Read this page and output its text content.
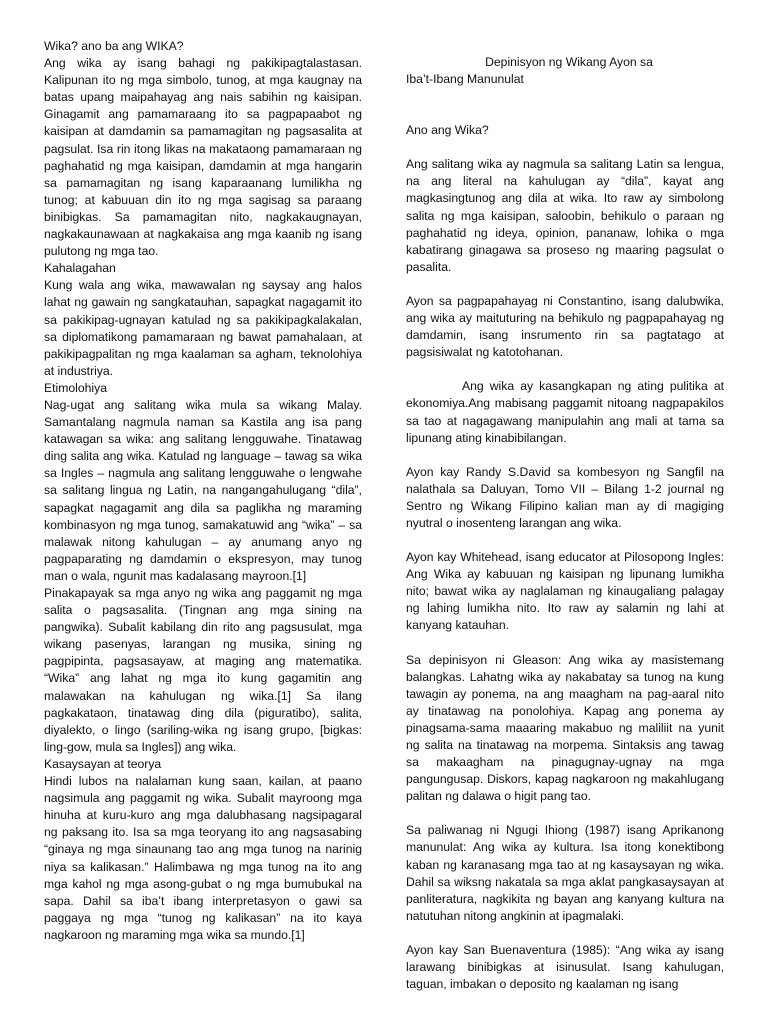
Wika? ano ba ang WIKA?

Ang wika ay isang bahagi ng pakikipagtalastasan. Kalipunan ito ng mga simbolo, tunog, at mga kaugnay na batas upang maipahayag ang nais sabihin ng kaisipan. Ginagamit ang pamamaraang ito sa pagpapaabot ng kaisipan at damdamin sa pamamagitan ng pagsasalita at pagsulat. Isa rin itong likas na makataong pamamaraan ng paghahatid ng mga kaisipan, damdamin at mga hangarin sa pamamagitan ng isang kaparaanang lumilikha ng tunog; at kabuuan din ito ng mga sagisag sa paraang binibigkas. Sa pamamagitan nito, nagkakaugnayan, nagkakaunawaan at nagkakaisa ang mga kaanib ng isang pulutong ng mga tao.

Kahalagahan

Kung wala ang wika, mawawalan ng saysay ang halos lahat ng gawain ng sangkatauhan, sapagkat nagagamit ito sa pakikipag-ugnayan katulad ng sa pakikipagkalakalan, sa diplomatikong pamamaraan ng bawat pamahalaan, at pakikipagpalitan ng mga kaalaman sa agham, teknolohiya at industriya.

Etimolohiya

Nag-ugat ang salitang wika mula sa wikang Malay. Samantalang nagmula naman sa Kastila ang isa pang katawagan sa wika: ang salitang lengguwahe. Tinatawag ding salita ang wika. Katulad ng language – tawag sa wika sa Ingles – nagmula ang salitang lengguwahe o lengwahe sa salitang lingua ng Latin, na nangangahulugang “dila”, sapagkat nagagamit ang dila sa paglikha ng maraming kombinasyon ng mga tunog, samakatuwid ang “wika” – sa malawak nitong kahulugan – ay anumang anyo ng pagpaparating ng damdamin o ekspresyon, may tunog man o wala, ngunit mas kadalasang mayroon.[1]

Pinakapayak sa mga anyo ng wika ang paggamit ng mga salita o pagsasalita. (Tingnan ang mga sining na pangwika). Subalit kabilang din rito ang pagsusulat, mga wikang pasenyas, larangan ng musika, sining ng pagpipinta, pagsasayaw, at maging ang matematika. “Wika” ang lahat ng mga ito kung gagamitin ang malawakan na kahulugan ng wika.[1] Sa ilang pagkakataon, tinatawag ding dila (piguratibo), salita, diyalekto, o lingo (sariling-wika ng isang grupo, [bigkas: ling-gow, mula sa Ingles]) ang wika.

Kasaysayan at teorya

Hindi lubos na nalalaman kung saan, kailan, at paano nagsimula ang paggamit ng wika. Subalit mayroong mga hinuha at kuru-kuro ang mga dalubhasang nagsipagaral ng paksang ito. Isa sa mga teoryang ito ang nagsasabing “ginaya ng mga sinaunang tao ang mga tunog na narinig niya sa kalikasan.” Halimbawa ng mga tunog na ito ang mga kahol ng mga asong-gubat o ng mga bumubukal na sapa. Dahil sa iba’t ibang interpretasyon o gawi sa paggaya ng mga “tunog ng kalikasan” na ito kaya nagkaroon ng maraming mga wika sa mundo.[1]

Depinisyon ng Wikang Ayon sa

Iba’t-Ibang Manunulat

Ano ang Wika?

Ang salitang wika ay nagmula sa salitang Latin sa lengua, na ang literal na kahulugan ay “dila”, kayat ang magkasingtunog ang dila at wika. Ito raw ay simbolong salita ng mga kaisipan, saloobin, behikulo o paraan ng paghahatid ng ideya, opinion, pananaw, lohika o mga kabatirang ginagawa sa proseso ng maaring pagsulat o pasalita.

Ayon sa pagpapahayag ni Constantino, isang dalubwika, ang wika ay maituturing na behikulo ng pagpapahayag ng damdamin, isang insrumento rin sa pagtatago at pagsisiwalat ng katotohanan.

Ang wika ay kasangkapan ng ating pulitika at ekonomiya.Ang mabisang paggamit nitoang nagpapakilos sa tao at nagagawang manipulahin ang mali at tama sa lipunang ating kinabibilangan.

Ayon kay Randy S.David sa kombesyon ng Sangfil na nalathala sa Daluyan, Tomo VII – Bilang 1-2 journal ng Sentro ng Wikang Filipino kalian man ay di magiging nyutral o inosenteng larangan ang wika.

Ayon kay Whitehead, isang educator at Pilosopong Ingles: Ang Wika ay kabuuan ng kaisipan ng lipunang lumikha nito; bawat wika ay naglalaman ng kinaugaliang palagay ng lahing lumikha nito. Ito raw ay salamin ng lahi at kanyang katauhan.

Sa depinisyon ni Gleason: Ang wika ay masistemang balangkas. Lahatng wika ay nakabatay sa tunog na kung tawagin ay ponema, na ang maagham na pag-aaral nito ay tinatawag na ponolohiya. Kapag ang ponema ay pinagsama-sama maaaring makabuo ng maliliit na yunit ng salita na tinatawag na morpema. Sintaksis ang tawag sa makaagham na pinagugnay-ugnay na mga pangungusap. Diskors, kapag nagkaroon ng makahlugang palitan ng dalawa o higit pang tao.

Sa paliwanag ni Ngugi Ihiong (1987) isang Aprikanong manunulat: Ang wika ay kultura. Isa itong konektibong kaban ng karanasang mga tao at ng kasaysayan ng wika. Dahil sa wiksng nakatala sa mga aklat pangkasaysayan at panliteratura, nagkikita ng bayan ang kanyang kultura na natutuhan nitong angkinin at ipagmalaki.

Ayon kay San Buenaventura (1985): “Ang wika ay isang larawang binibigkas at isinusulat. Isang kahulugan, taguan, imbakan o deposito ng kaalaman ng isang
